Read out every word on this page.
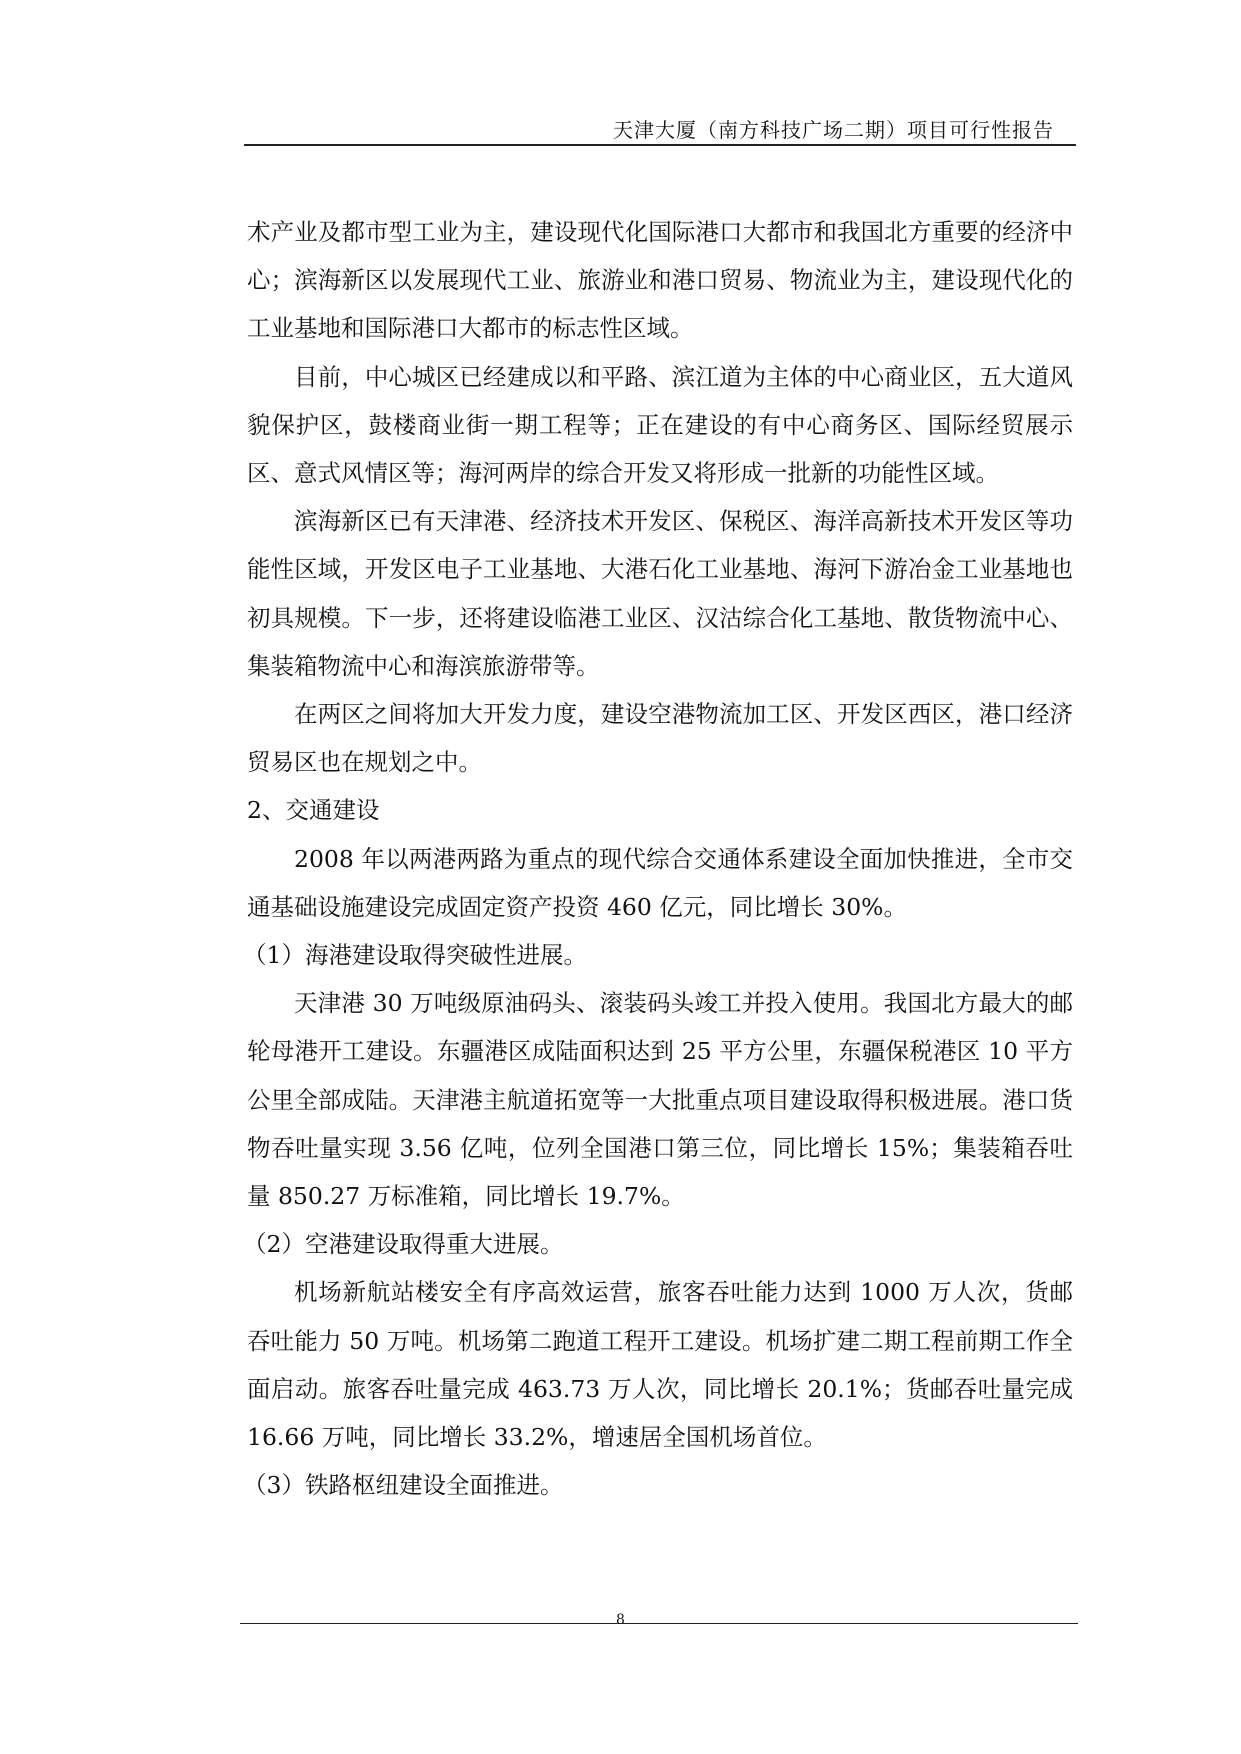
天津大厦（南方科技广场二期）项目可行性报告

术产业及都市型工业为主，建设现代化国际港口大都市和我国北方重要的经济中心；滨海新区以发展现代工业、旅游业和港口贸易、物流业为主，建设现代化的工业基地和国际港口大都市的标志性区域。

目前，中心城区已经建成以和平路、滨江道为主体的中心商业区，五大道风貌保护区，鼓楼商业街一期工程等；正在建设的有中心商务区、国际经贸展示区、意式风情区等；海河两岸的综合开发又将形成一批新的功能性区域。

滨海新区已有天津港、经济技术开发区、保税区、海洋高新技术开发区等功能性区域，开发区电子工业基地、大港石化工业基地、海河下游冶金工业基地也初具规模。下一步，还将建设临港工业区、汉沽综合化工基地、散货物流中心、集装箱物流中心和海滨旅游带等。

在两区之间将加大开发力度，建设空港物流加工区、开发区西区，港口经济贸易区也在规划之中。

2、交通建设

2008 年以两港两路为重点的现代综合交通体系建设全面加快推进，全市交通基础设施建设完成固定资产投资 460 亿元，同比增长 30%。

（1）海港建设取得突破性进展。

天津港 30 万吨级原油码头、滚装码头竣工并投入使用。我国北方最大的邮轮母港开工建设。东疆港区成陆面积达到 25 平方公里，东疆保税港区 10 平方公里全部成陆。天津港主航道拓宽等一大批重点项目建设取得积极进展。港口货物吞吐量实现 3.56 亿吨，位列全国港口第三位，同比增长 15%；集装箱吞吐量 850.27 万标准箱，同比增长 19.7%。

（2）空港建设取得重大进展。

机场新航站楼安全有序高效运营，旅客吞吐能力达到 1000 万人次，货邮吞吐能力 50 万吨。机场第二跑道工程开工建设。机场扩建二期工程前期工作全面启动。旅客吞吐量完成 463.73 万人次，同比增长 20.1%；货邮吞吐量完成 16.66 万吨，同比增长 33.2%，增速居全国机场首位。

（3）铁路枢纽建设全面推进。

8
